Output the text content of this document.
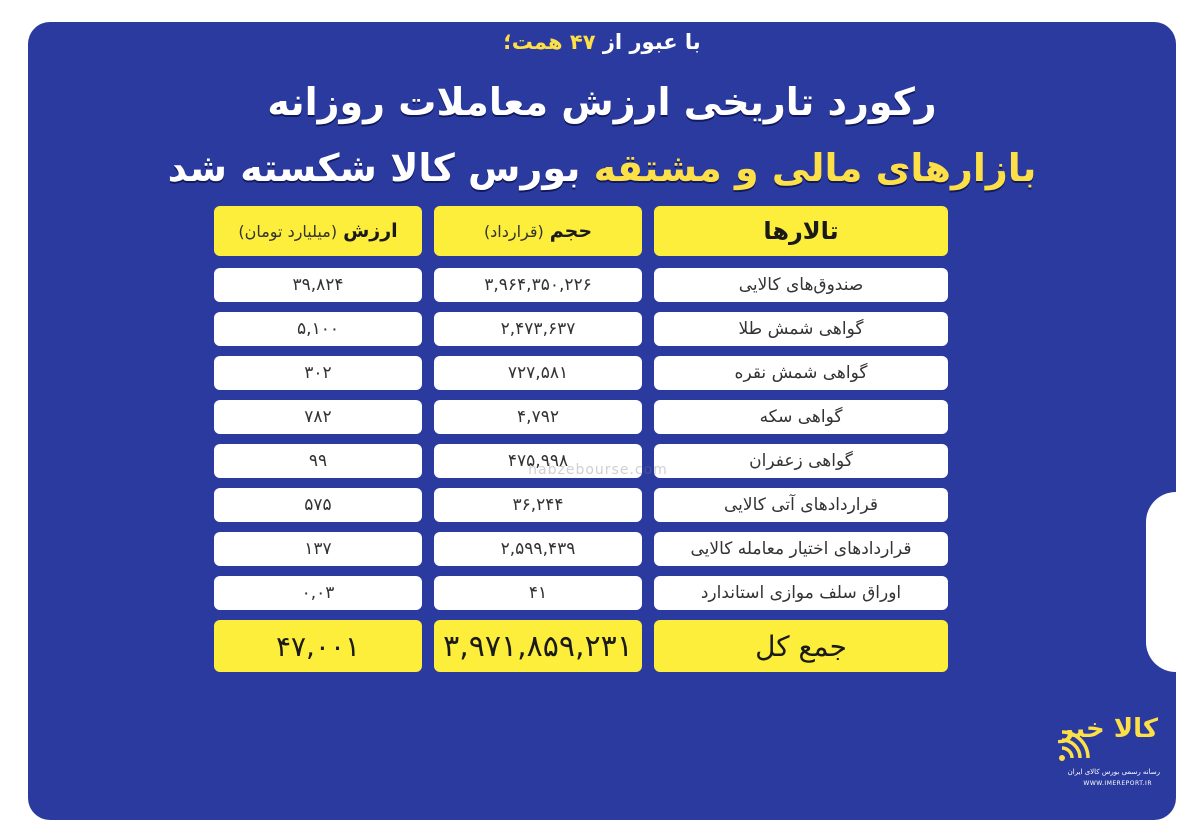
با عبور از ۴۷ همت؛
رکورد تاریخی ارزش معاملات روزانه
بازارهای مالی و مشتقه بورس کالا شکسته شد
تالارها
حجم
(قرارداد)
ارزش
(میلیارد تومان)
صندوق‌های کالایی
۳,۹۶۴,۳۵۰,۲۲۶
۳۹,۸۲۴
گواهی شمش طلا
۲,۴۷۳,۶۳۷
۵,۱۰۰
گواهی شمش نقره
۷۲۷,۵۸۱
۳۰۲
گواهی سکه
۴,۷۹۲
۷۸۲
گواهی زعفران
۴۷۵,۹۹۸
۹۹
قراردادهای آتی کالایی
۳۶,۲۴۴
۵۷۵
قراردادهای اختیار معامله کالایی
۲,۵۹۹,۴۳۹
۱۳۷
اوراق سلف موازی استاندارد
۴۱
۰,۰۳
جمع کل
۳,۹۷۱,۸۵۹,۲۳۱
۴۷,۰۰۱
nabzebourse.com
کالا خبر
رسانه رسمی بورس کالای ایران
WWW.IMEREPORT.IR
